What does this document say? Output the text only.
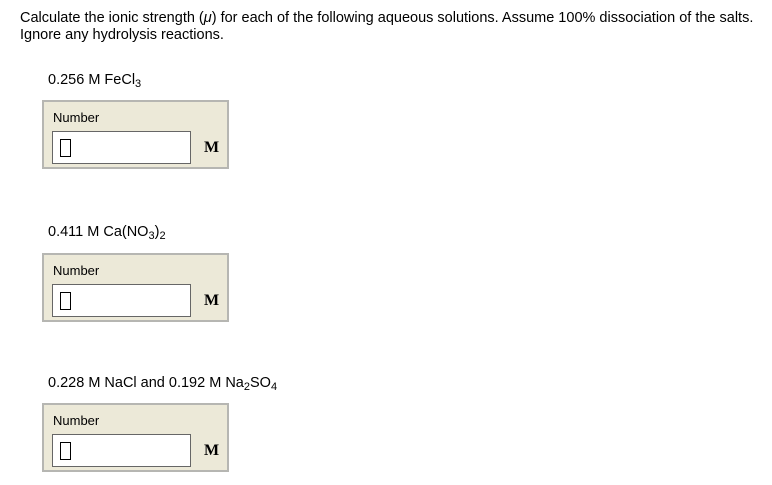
Calculate the ionic strength (μ) for each of the following aqueous solutions. Assume 100% dissociation of the salts. Ignore any hydrolysis reactions.

0.256 M FeCl$_3$

Number
M

0.411 M $Ca(NO_3)_2$

Number
M

0.228 M NaCl and 0.192 M $Na_2SO_4$

Number
M
